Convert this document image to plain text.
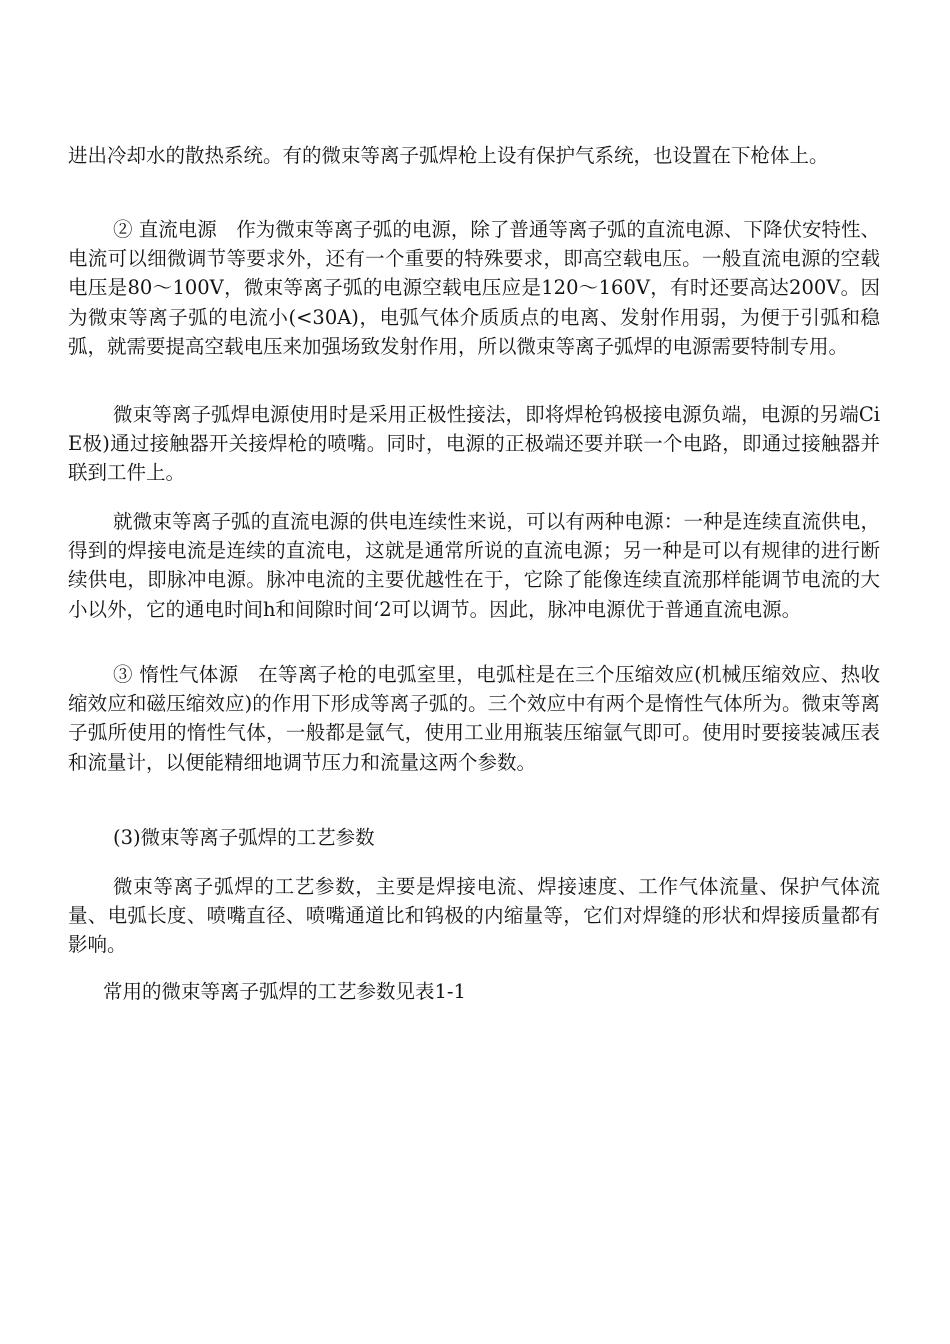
进出冷却水的散热系统。有的微束等离子弧焊枪上设有保护气系统，也设置在下枪体上。

② 直流电源　作为微束等离子弧的电源，除了普通等离子弧的直流电源、下降伏安特性、电流可以细微调节等要求外，还有一个重要的特殊要求，即高空载电压。一般直流电源的空载电压是80～100V，微束等离子弧的电源空载电压应是120～160V，有时还要高达200V。因为微束等离子弧的电流小(<30A)，电弧气体介质质点的电离、发射作用弱，为便于引弧和稳弧，就需要提高空载电压来加强场致发射作用，所以微束等离子弧焊的电源需要特制专用。

微束等离子弧焊电源使用时是采用正极性接法，即将焊枪钨极接电源负端，电源的另端CiE极)通过接触器开关接焊枪的喷嘴。同时，电源的正极端还要并联一个电路，即通过接触器并联到工件上。

就微束等离子弧的直流电源的供电连续性来说，可以有两种电源：一种是连续直流供电，得到的焊接电流是连续的直流电，这就是通常所说的直流电源；另一种是可以有规律的进行断续供电，即脉冲电源。脉冲电流的主要优越性在于，它除了能像连续直流那样能调节电流的大小以外，它的通电时间h和间隙时间‘2可以调节。因此，脉冲电源优于普通直流电源。

③ 惰性气体源　在等离子枪的电弧室里，电弧柱是在三个压缩效应(机械压缩效应、热收缩效应和磁压缩效应)的作用下形成等离子弧的。三个效应中有两个是惰性气体所为。微束等离子弧所使用的惰性气体，一般都是氩气，使用工业用瓶装压缩氩气即可。使用时要接装减压表和流量计，以便能精细地调节压力和流量这两个参数。

(3)微束等离子弧焊的工艺参数

微束等离子弧焊的工艺参数，主要是焊接电流、焊接速度、工作气体流量、保护气体流量、电弧长度、喷嘴直径、喷嘴通道比和钨极的内缩量等，它们对焊缝的形状和焊接质量都有影响。

常用的微束等离子弧焊的工艺参数见表1-1
